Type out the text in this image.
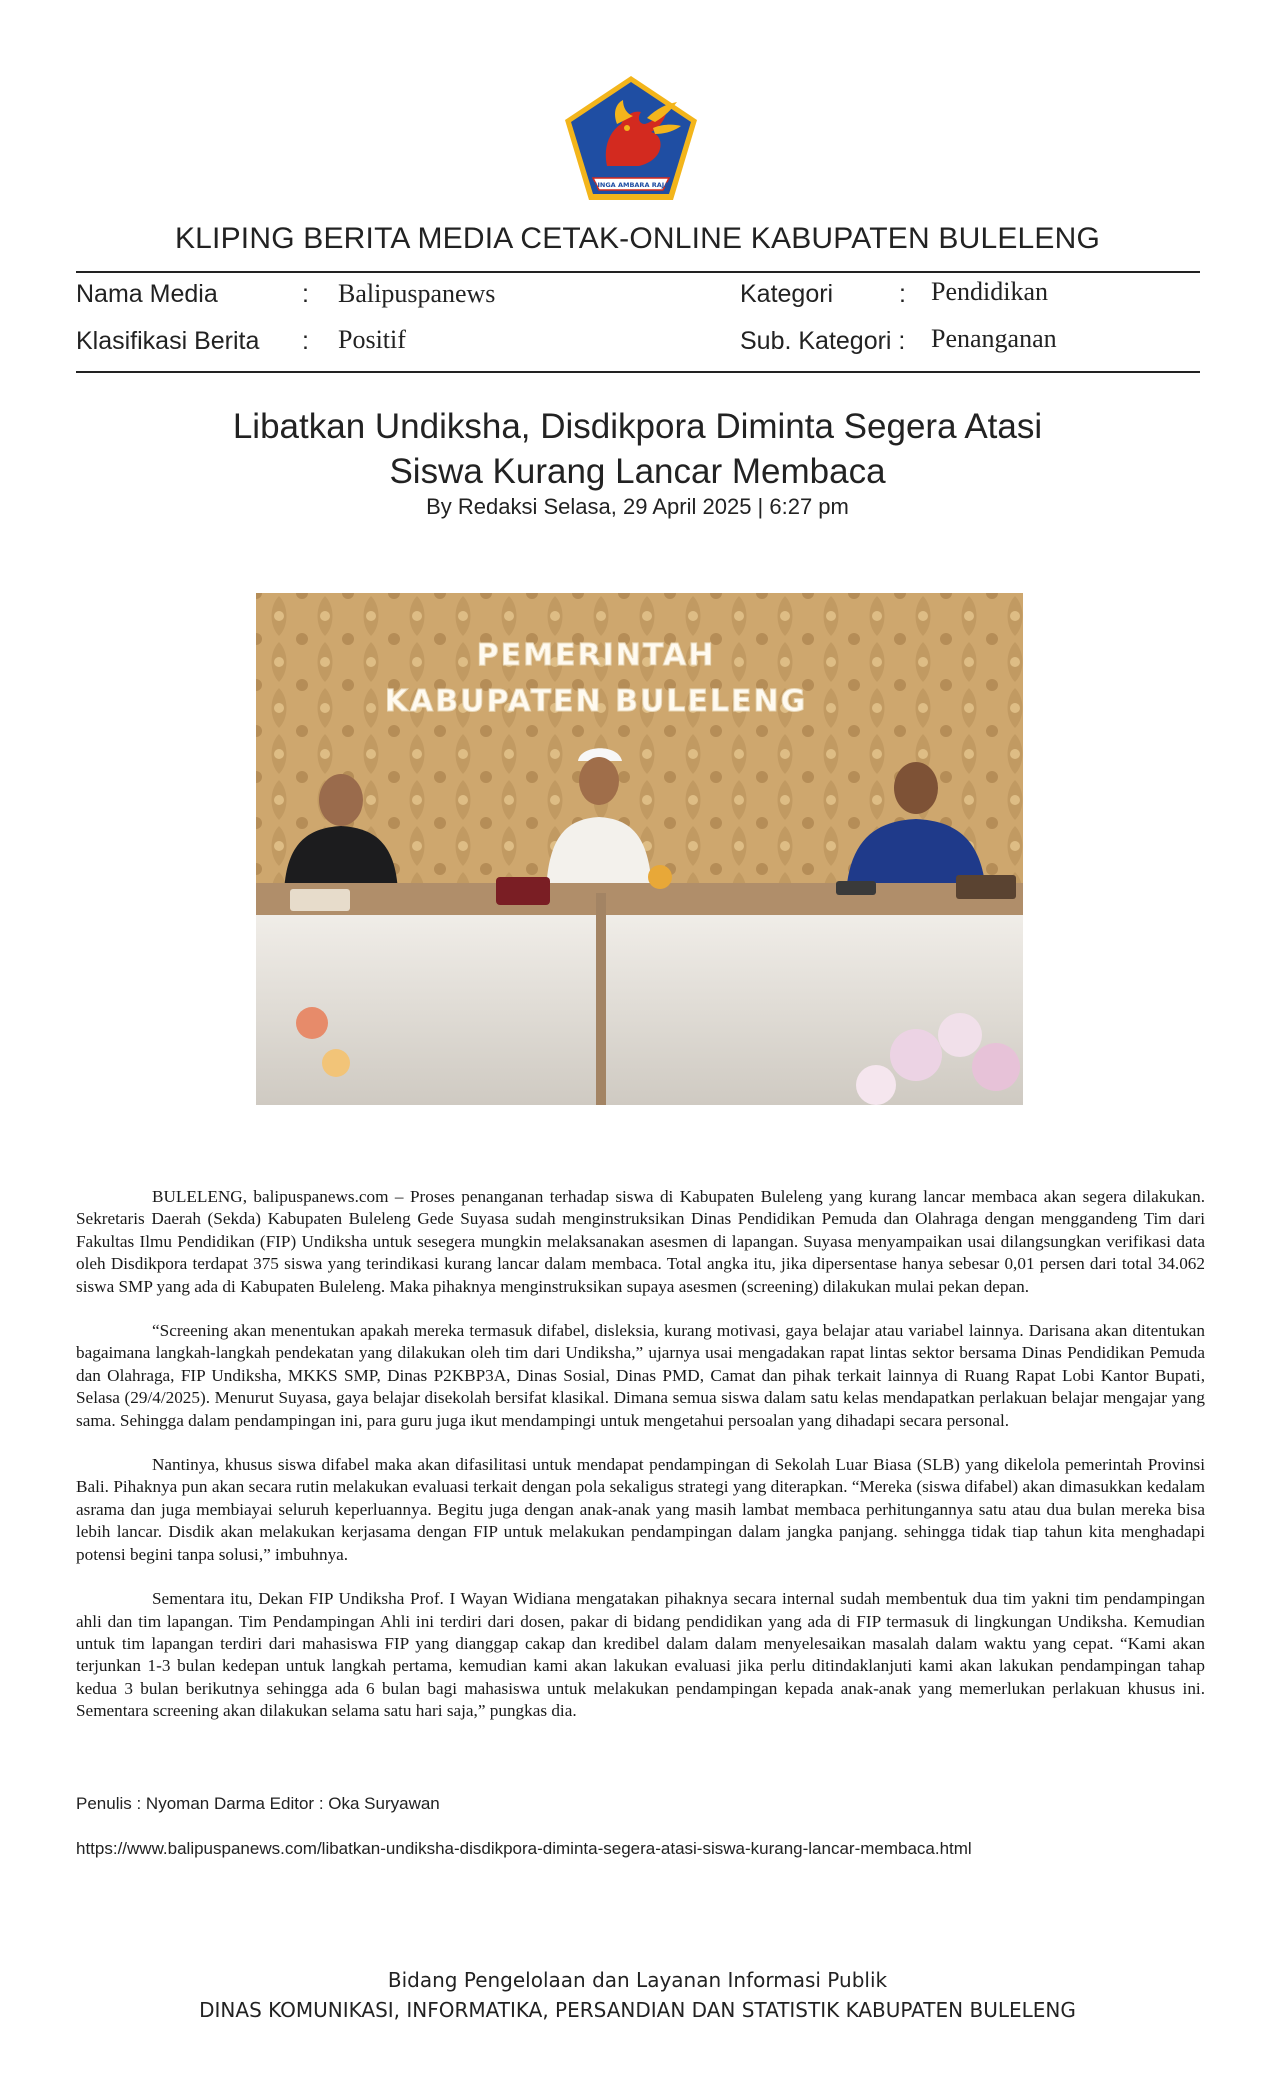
SINGA AMBARA RAJA
KLIPING BERITA MEDIA CETAK-ONLINE KABUPATEN BULELENG
Nama Media	: Balipuspanews	Kategori	: Pendidikan
Klasifikasi Berita : Positif	Sub. Kategori : Penanganan
Libatkan Undiksha, Disdikpora Diminta Segera Atasi
Siswa Kurang Lancar Membaca
By Redaksi Selasa, 29 April 2025 | 6:27 pm
PEMERINTAH
KABUPATEN BULELENG

BULELENG, balipuspanews.com – Proses penanganan terhadap siswa di Kabupaten Buleleng yang kurang lancar membaca akan segera dilakukan. Sekretaris Daerah (Sekda) Kabupaten Buleleng Gede Suyasa sudah menginstruksikan Dinas Pendidikan Pemuda dan Olahraga dengan menggandeng Tim dari Fakultas Ilmu Pendidikan (FIP) Undiksha untuk sesegera mungkin melaksanakan asesmen di lapangan. Suyasa menyampaikan usai dilangsungkan verifikasi data oleh Disdikpora terdapat 375 siswa yang terindikasi kurang lancar dalam membaca. Total angka itu, jika dipersentase hanya sebesar 0,01 persen dari total 34.062 siswa SMP yang ada di Kabupaten Buleleng. Maka pihaknya menginstruksikan supaya asesmen (screening) dilakukan mulai pekan depan.

“Screening akan menentukan apakah mereka termasuk difabel, disleksia, kurang motivasi, gaya belajar atau variabel lainnya. Darisana akan ditentukan bagaimana langkah-langkah pendekatan yang dilakukan oleh tim dari Undiksha,” ujarnya usai mengadakan rapat lintas sektor bersama Dinas Pendidikan Pemuda dan Olahraga, FIP Undiksha, MKKS SMP, Dinas P2KBP3A, Dinas Sosial, Dinas PMD, Camat dan pihak terkait lainnya di Ruang Rapat Lobi Kantor Bupati, Selasa (29/4/2025). Menurut Suyasa, gaya belajar disekolah bersifat klasikal. Dimana semua siswa dalam satu kelas mendapatkan perlakuan belajar mengajar yang sama. Sehingga dalam pendampingan ini, para guru juga ikut mendampingi untuk mengetahui persoalan yang dihadapi secara personal.

Nantinya, khusus siswa difabel maka akan difasilitasi untuk mendapat pendampingan di Sekolah Luar Biasa (SLB) yang dikelola pemerintah Provinsi Bali. Pihaknya pun akan secara rutin melakukan evaluasi terkait dengan pola sekaligus strategi yang diterapkan. “Mereka (siswa difabel) akan dimasukkan kedalam asrama dan juga membiayai seluruh keperluannya. Begitu juga dengan anak-anak yang masih lambat membaca perhitungannya satu atau dua bulan mereka bisa lebih lancar. Disdik akan melakukan kerjasama dengan FIP untuk melakukan pendampingan dalam jangka panjang. sehingga tidak tiap tahun kita menghadapi potensi begini tanpa solusi,” imbuhnya.

Sementara itu, Dekan FIP Undiksha Prof. I Wayan Widiana mengatakan pihaknya secara internal sudah membentuk dua tim yakni tim pendampingan ahli dan tim lapangan. Tim Pendampingan Ahli ini terdiri dari dosen, pakar di bidang pendidikan yang ada di FIP termasuk di lingkungan Undiksha. Kemudian untuk tim lapangan terdiri dari mahasiswa FIP yang dianggap cakap dan kredibel dalam dalam menyelesaikan masalah dalam waktu yang cepat. “Kami akan terjunkan 1-3 bulan kedepan untuk langkah pertama, kemudian kami akan lakukan evaluasi jika perlu ditindaklanjuti kami akan lakukan pendampingan tahap kedua 3 bulan berikutnya sehingga ada 6 bulan bagi mahasiswa untuk melakukan pendampingan kepada anak-anak yang memerlukan perlakuan khusus ini. Sementara screening akan dilakukan selama satu hari saja,” pungkas dia.

Penulis : Nyoman Darma Editor : Oka Suryawan
https://www.balipuspanews.com/libatkan-undiksha-disdikpora-diminta-segera-atasi-siswa-kurang-lancar-membaca.html
Bidang Pengelolaan dan Layanan Informasi Publik
DINAS KOMUNIKASI, INFORMATIKA, PERSANDIAN DAN STATISTIK KABUPATEN BULELENG
